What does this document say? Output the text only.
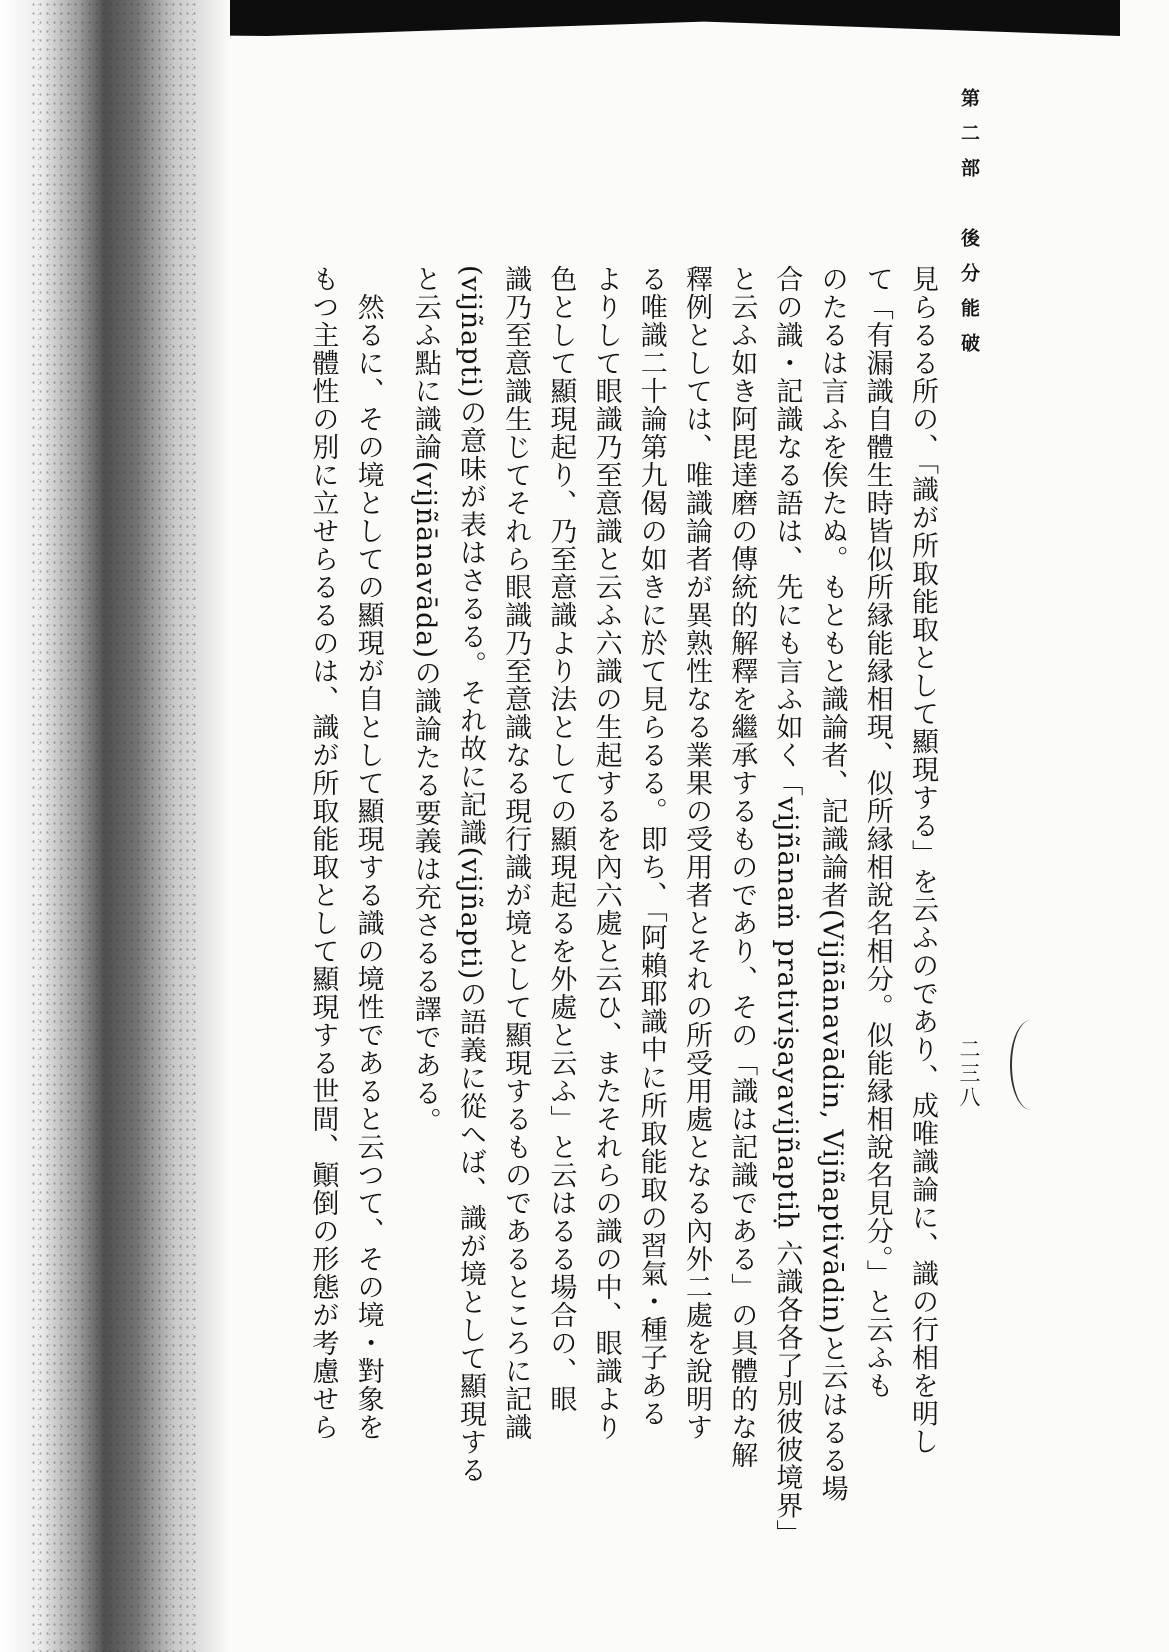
第二部　後分能破
二三八
見らるる所の、「識が所取能取として顯現する」を云ふのであり、成唯識論に、識の行相を明し
て「有漏識自體生時皆似所縁能縁相現、似所縁相說名相分。似能縁相說名見分。」と云ふも
のたるは言ふを俟たぬ。もともと識論者、記識論者(Vijñānavādin, Vijñaptivādin)と云はるる場
合の識・記識なる語は、先にも言ふ如く「vijñānaṁ prativiṣayavijñaptiḥ 六識各各了別彼彼境界」
と云ふ如き阿毘達磨の傳統的解釋を繼承するものであり、その「識は記識である」の具體的な解
釋例としては、唯識論者が異熟性なる業果の受用者とそれの所受用處となる內外二處を說明す
る唯識二十論第九偈の如きに於て見らるる。即ち、「阿賴耶識中に所取能取の習氣・種子ある
よりして眼識乃至意識と云ふ六識の生起するを內六處と云ひ、またそれらの識の中、眼識より
色として顯現起り、乃至意識より法としての顯現起るを外處と云ふ」と云はるる場合の、眼
識乃至意識生じてそれら眼識乃至意識なる現行識が境として顯現するものであるところに記識
(vijñapti)の意味が表はさるる。それ故に記識(vijñapti)の語義に從へば、識が境として顯現する
と云ふ點に識論(vijñānavāda)の識論たる要義は充さるる譯である。
然るに、その境としての顯現が自として顯現する識の境性であると云つて、その境・對象を
もつ主體性の別に立せらるるのは、識が所取能取として顯現する世間、顚倒の形態が考慮せら
